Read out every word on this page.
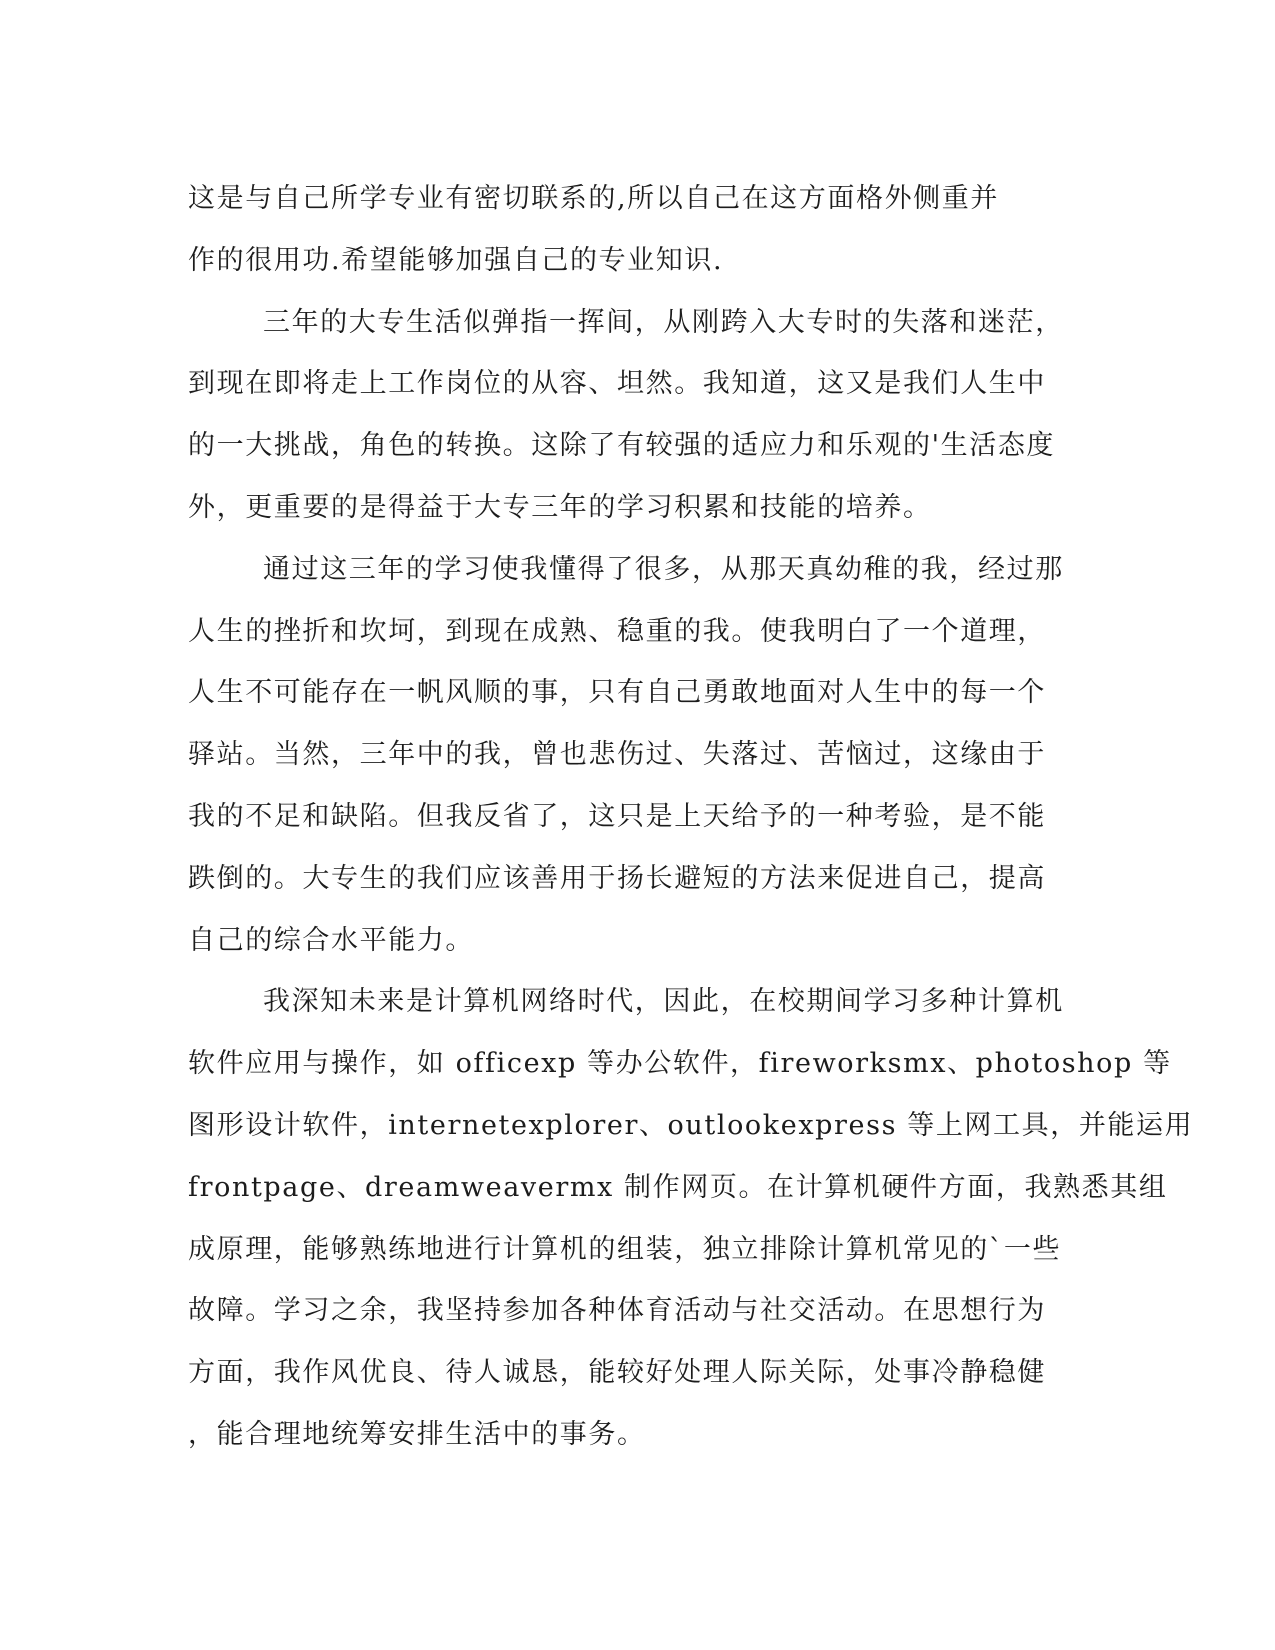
这是与自己所学专业有密切联系的,所以自己在这方面格外侧重并
作的很用功.希望能够加强自己的专业知识.
三年的大专生活似弹指一挥间，从刚跨入大专时的失落和迷茫，
到现在即将走上工作岗位的从容、坦然。我知道，这又是我们人生中
的一大挑战，角色的转换。这除了有较强的适应力和乐观的'生活态度
外，更重要的是得益于大专三年的学习积累和技能的培养。
通过这三年的学习使我懂得了很多，从那天真幼稚的我，经过那
人生的挫折和坎坷，到现在成熟、稳重的我。使我明白了一个道理，
人生不可能存在一帆风顺的事，只有自己勇敢地面对人生中的每一个
驿站。当然，三年中的我，曾也悲伤过、失落过、苦恼过，这缘由于
我的不足和缺陷。但我反省了，这只是上天给予的一种考验，是不能
跌倒的。大专生的我们应该善用于扬长避短的方法来促进自己，提高
自己的综合水平能力。
我深知未来是计算机网络时代，因此，在校期间学习多种计算机
软件应用与操作，如 officexp 等办公软件，fireworksmx、photoshop 等
图形设计软件，internetexplorer、outlookexpress 等上网工具，并能运用
frontpage、dreamweavermx 制作网页。在计算机硬件方面，我熟悉其组
成原理，能够熟练地进行计算机的组装，独立排除计算机常见的`一些
故障。学习之余，我坚持参加各种体育活动与社交活动。在思想行为
方面，我作风优良、待人诚恳，能较好处理人际关际，处事冷静稳健
，能合理地统筹安排生活中的事务。
